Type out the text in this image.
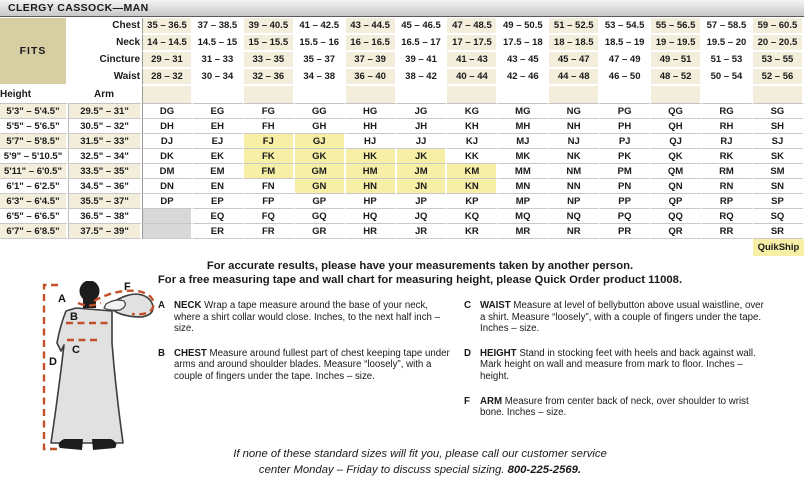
CLERGY CASSOCK—MAN
FITS	Chest	35 – 36.5	37 – 38.5	39 – 40.5	41 – 42.5	43 – 44.5	45 – 46.5	47 – 48.5	49 – 50.5	51 – 52.5	53 – 54.5	55 – 56.5	57 – 58.5	59 – 60.5
	Neck	14 – 14.5	14.5 – 15	15 – 15.5	15.5 – 16	16 – 16.5	16.5 – 17	17 – 17.5	17.5 – 18	18 – 18.5	18.5 – 19	19 – 19.5	19.5 – 20	20 – 20.5
	Cincture	29 – 31	31 – 33	33 – 35	35 – 37	37 – 39	39 – 41	41 – 43	43 – 45	45 – 47	47 – 49	49 – 51	51 – 53	53 – 55
	Waist	28 – 32	30 – 34	32 – 36	34 – 38	36 – 40	38 – 42	40 – 44	42 – 46	44 – 48	46 – 50	48 – 52	50 – 54	52 – 56
Height	Arm													
5'3" – 5'4.5"	29.5" – 31"	DG	EG	FG	GG	HG	JG	KG	MG	NG	PG	QG	RG	SG
5'5" – 5'6.5"	30.5" – 32"	DH	EH	FH	GH	HH	JH	KH	MH	NH	PH	QH	RH	SH
5'7" – 5'8.5"	31.5" – 33"	DJ	EJ	FJ	GJ	HJ	JJ	KJ	MJ	NJ	PJ	QJ	RJ	SJ
5'9" – 5'10.5"	32.5" – 34"	DK	EK	FK	GK	HK	JK	KK	MK	NK	PK	QK	RK	SK
5'11" – 6'0.5"	33.5" – 35"	DM	EM	FM	GM	HM	JM	KM	MM	NM	PM	QM	RM	SM
6'1" – 6'2.5"	34.5" – 36"	DN	EN	FN	GN	HN	JN	KN	MN	NN	PN	QN	RN	SN
6'3" – 6'4.5"	35.5" – 37"	DP	EP	FP	GP	HP	JP	KP	MP	NP	PP	QP	RP	SP
6'5" – 6'6.5"	36.5" – 38"		EQ	FQ	GQ	HQ	JQ	KQ	MQ	NQ	PQ	QQ	RQ	SQ
6'7" – 6'8.5"	37.5" – 39"		ER	FR	GR	HR	JR	KR	MR	NR	PR	QR	RR	SR
														QuikShip
For accurate results, please have your measurements taken by another person.
For a free measuring tape and wall chart for measuring height, please Quick Order product 11008.
A
F
B
C
D
A NECK Wrap a tape measure around the base of your neck, where a shirt collar would close. Inches, to the next half inch – size.
B CHEST Measure around fullest part of chest keeping tape under arms and around shoulder blades. Measure “loosely”, with a couple of fingers under the tape. Inches – size.
C WAIST Measure at level of bellybutton above usual waistline, over a shirt. Measure “loosely”, with a couple of fingers under the tape. Inches – size.
D HEIGHT Stand in stocking feet with heels and back against wall. Mark height on wall and measure from mark to floor. Inches – height.
F	ARM Measure from center back of neck, over shoulder to wrist bone. Inches – size.
If none of these standard sizes will fit you, please call our customer service
center Monday – Friday to discuss special sizing. 800-225-2569.
